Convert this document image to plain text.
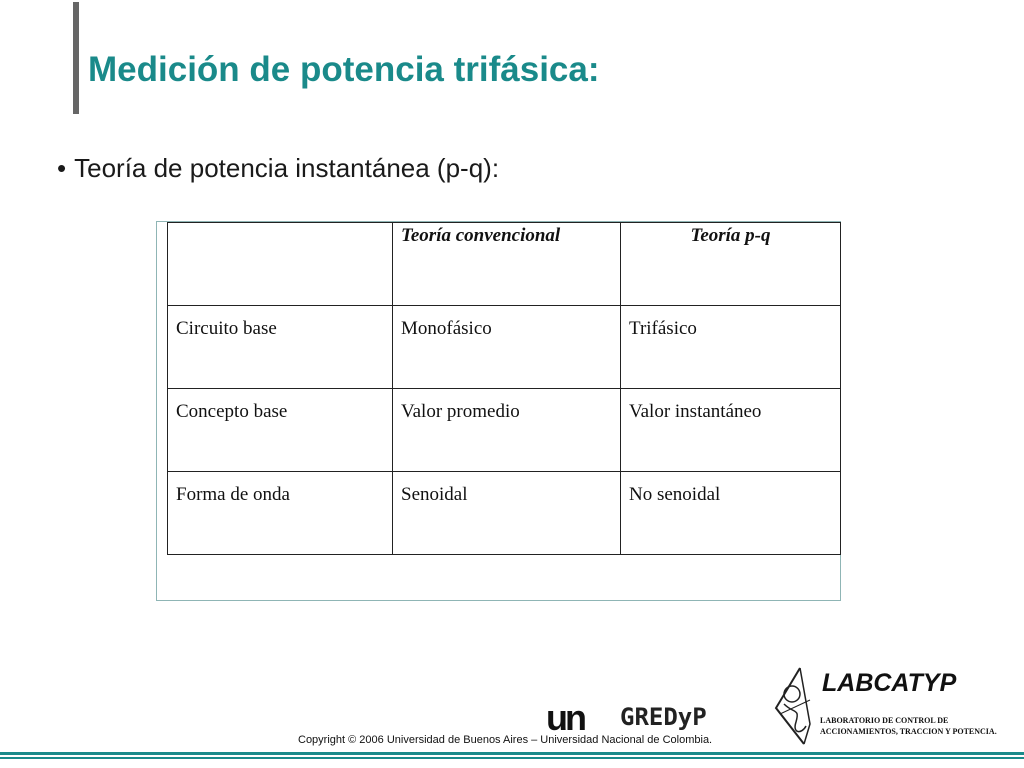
Medición de potencia trifásica:
• Teoría de potencia instantánea (p-q):
	Teoría convencional	Teoría p-q
Circuito base	Monofásico	Trifásico
Concepto base	Valor promedio	Valor instantáneo
Forma de onda	Senoidal	No senoidal
un GREDyP
LABCATYP
LABORATORIO DE CONTROL DE
ACCIONAMIENTOS, TRACCION Y POTENCIA.
Copyright © 2006 Universidad de Buenos Aires – Universidad Nacional de Colombia.
